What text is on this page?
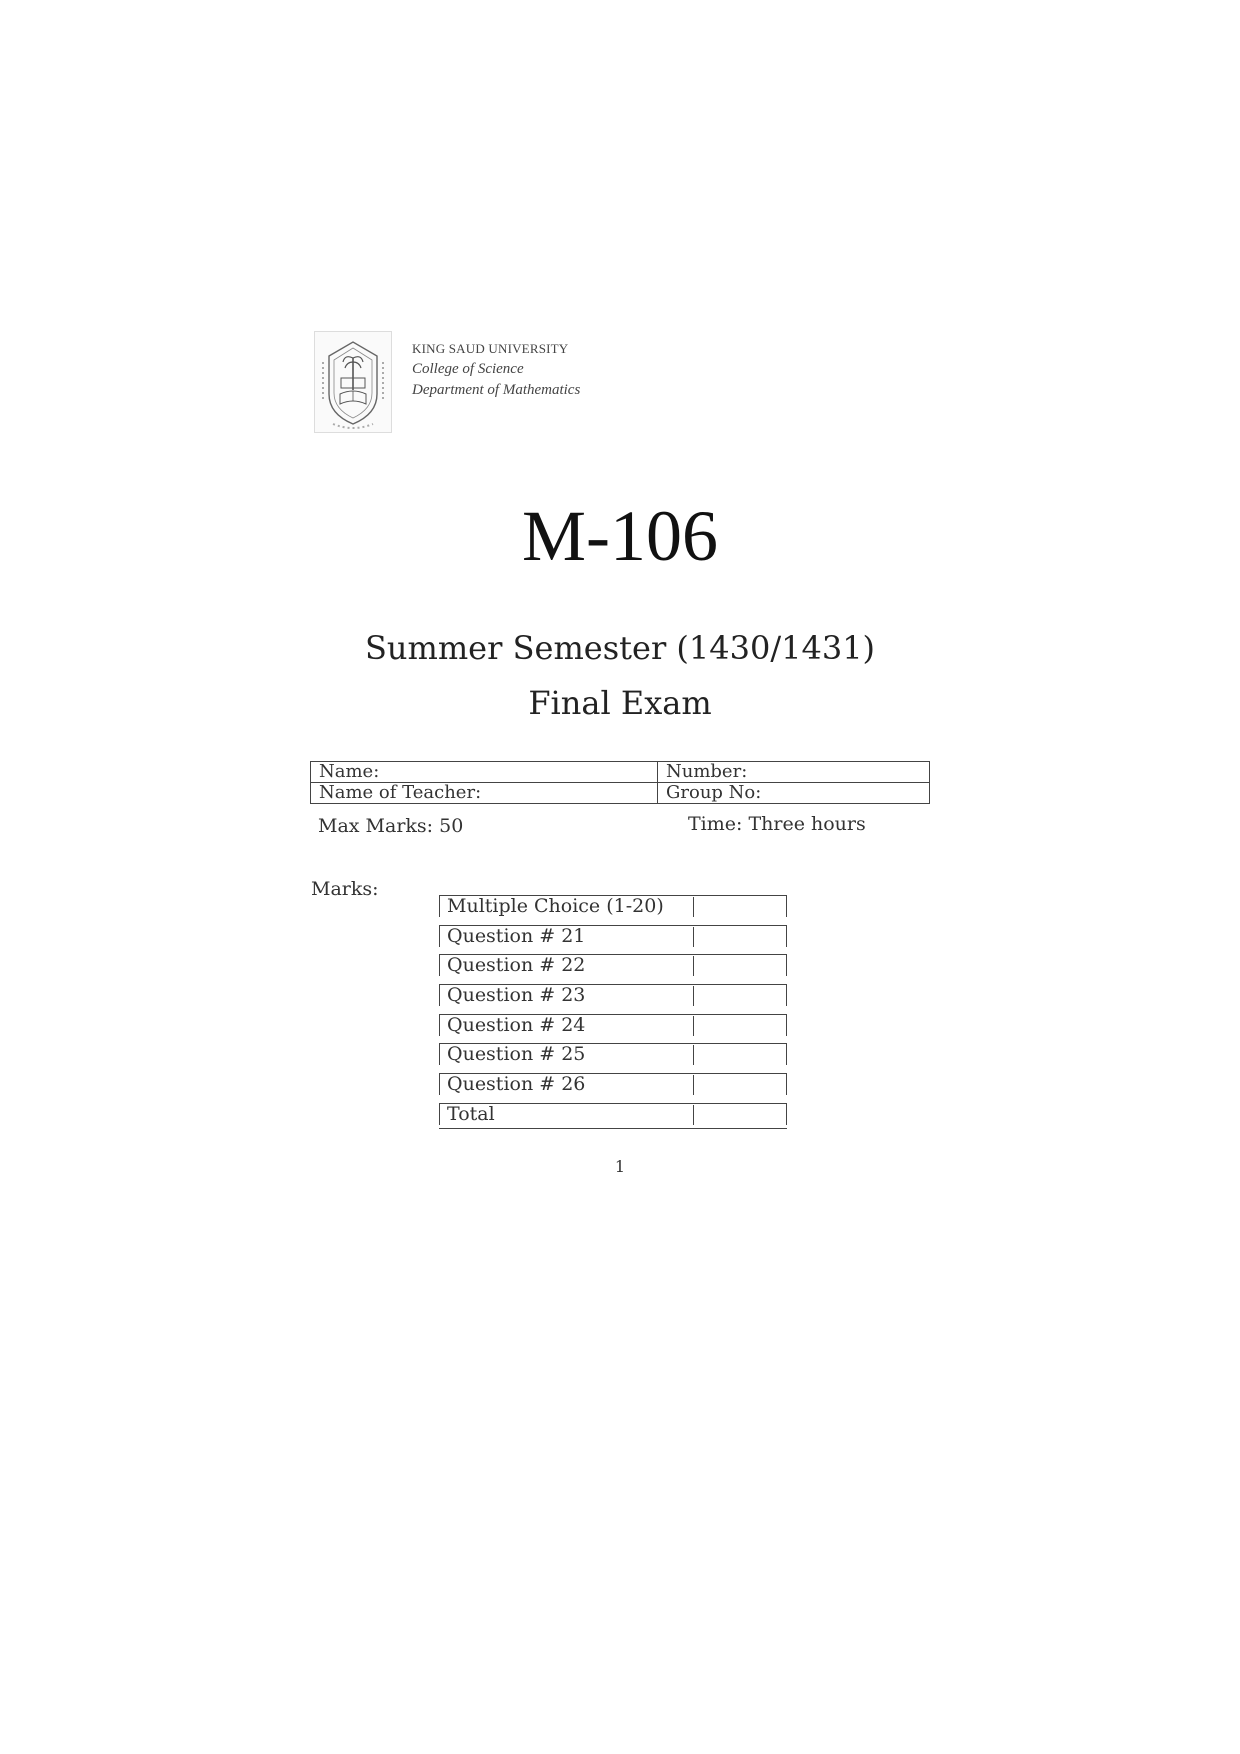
KING SAUD UNIVERSITY
College of Science
Department of Mathematics
M-106
Summer Semester (1430/1431)
Final Exam
Name:	Number:
Name of Teacher:	Group No:
Max Marks: 50	Time: Three hours
Marks:
Multiple Choice (1-20)
Question # 21
Question # 22
Question # 23
Question # 24
Question # 25
Question # 26
Total
1
